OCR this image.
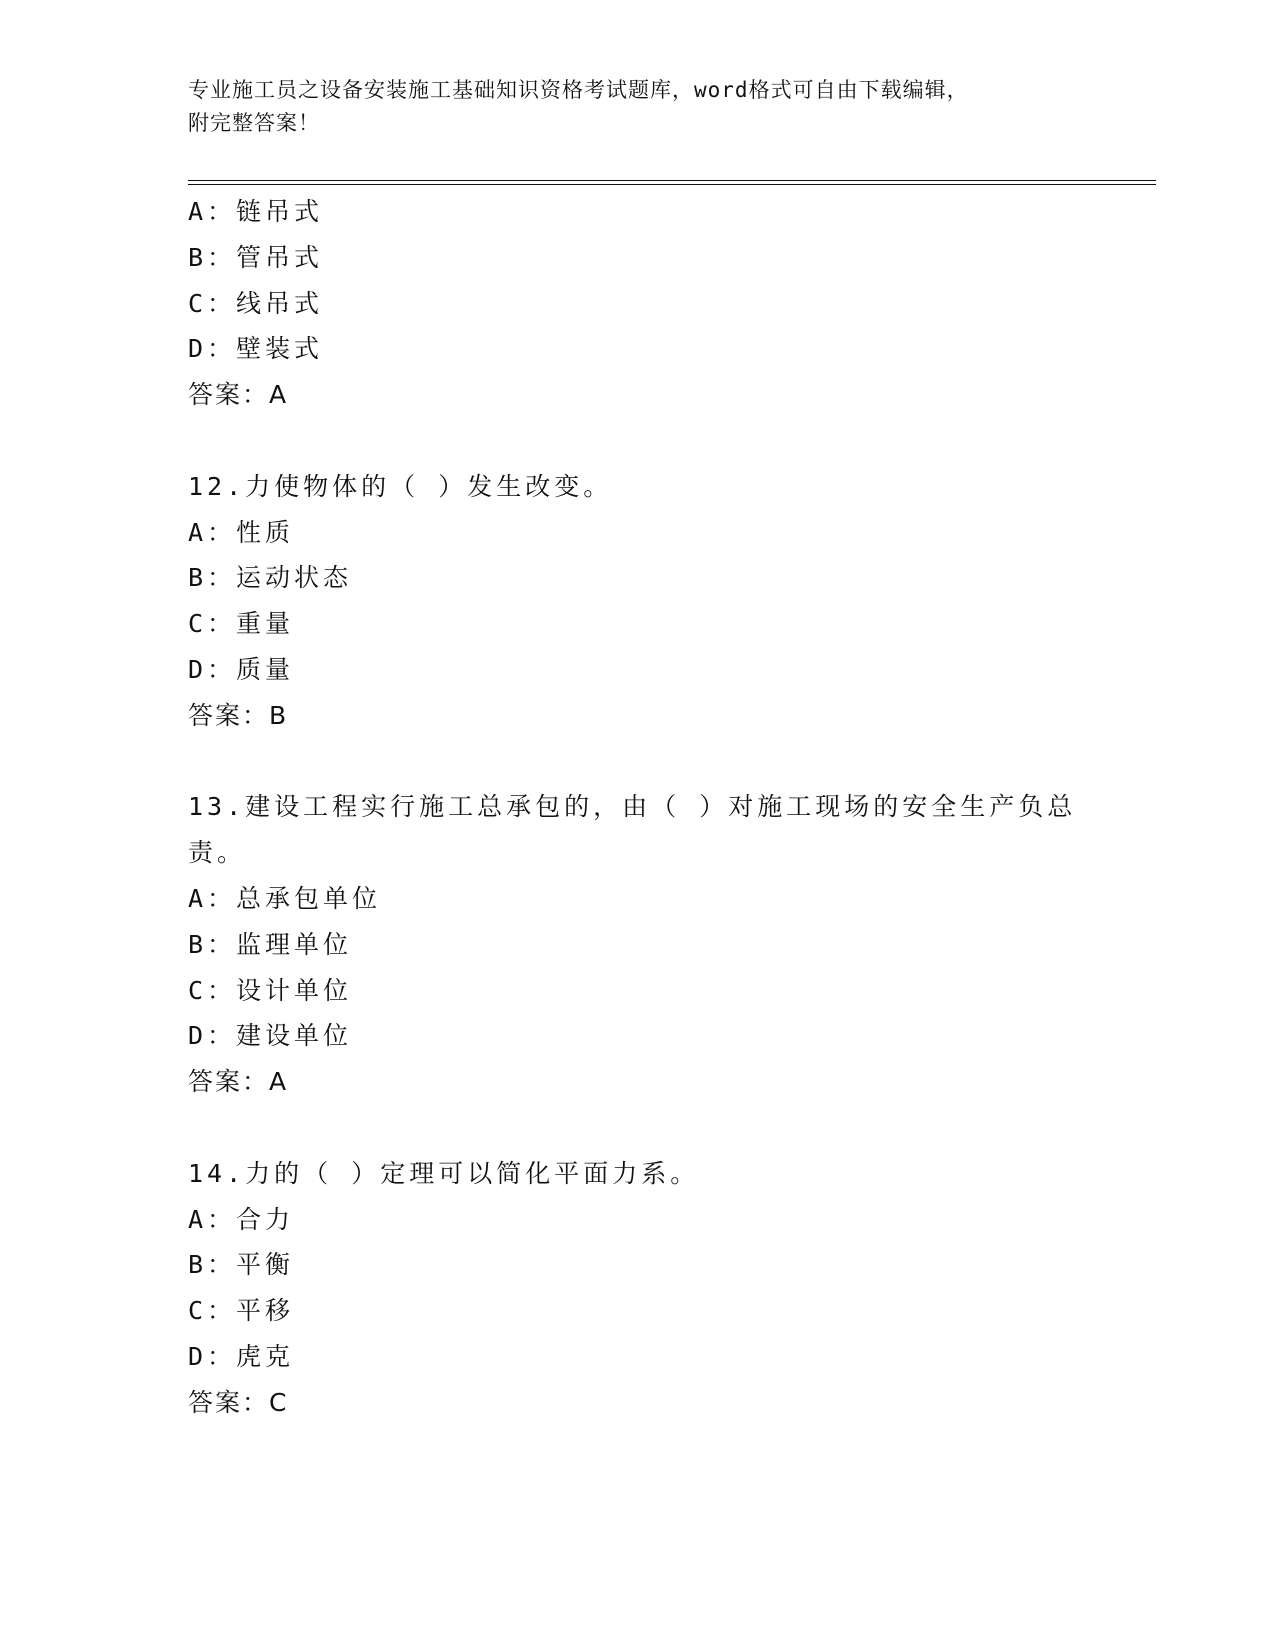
专业施工员之设备安装施工基础知识资格考试题库，word格式可自由下载编辑，
附完整答案！
A：链吊式
B：管吊式
C：线吊式
D：壁装式
答案：A
12.力使物体的（ ）发生改变。
A：性质
B：运动状态
C：重量
D：质量
答案：B
13.建设工程实行施工总承包的，由（ ）对施工现场的安全生产负总
责。
A：总承包单位
B：监理单位
C：设计单位
D：建设单位
答案：A
14.力的（ ）定理可以简化平面力系。
A：合力
B：平衡
C：平移
D：虎克
答案：C
